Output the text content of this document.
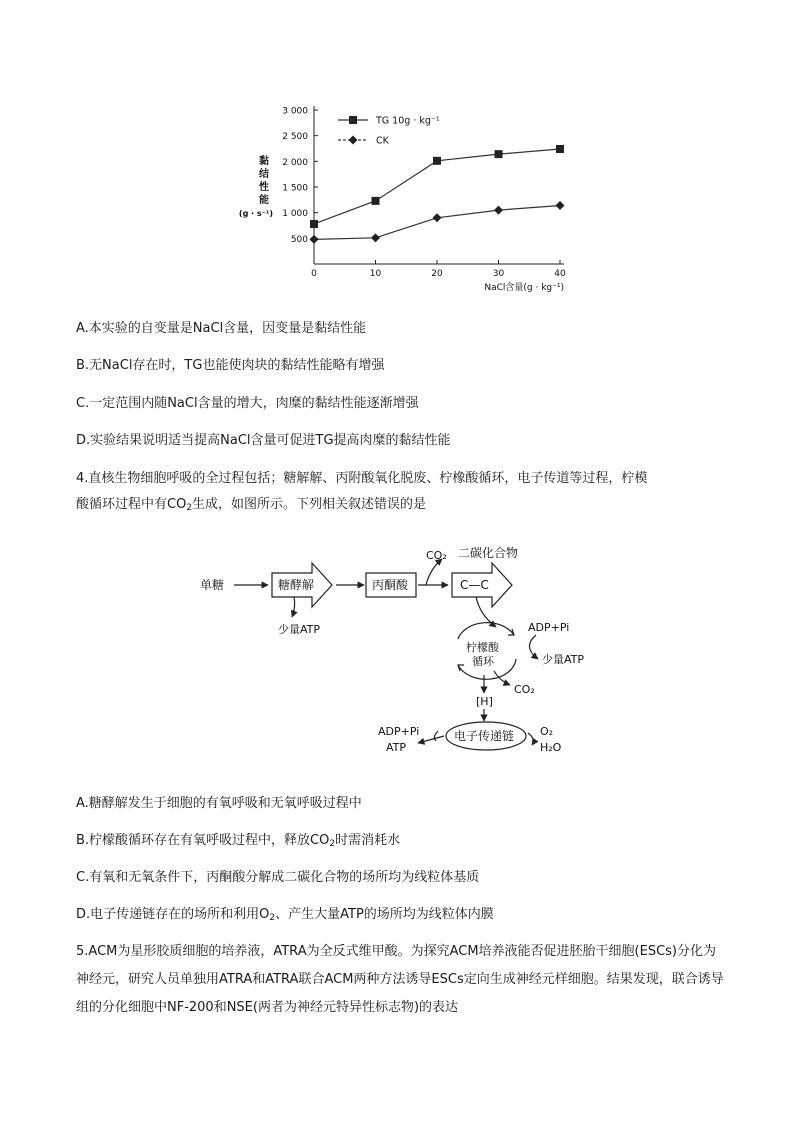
500
1 000
1 500
2 000
2 500
3 000
0	10	20	30	40
黏
结
性
能
(g · s⁻¹)
NaCl含量(g · kg⁻¹)
TG 10g · kg⁻¹
CK
A.本实验的自变量是NaCl含量，因变量是黏结性能
B.无NaCl存在时，TG也能使肉块的黏结性能略有增强
C.一定范围内随NaCl含量的增大，肉糜的黏结性能逐渐增强
D.实验结果说明适当提高NaCl含量可促进TG提高肉糜的黏结性能
4.直核生物细胞呼吸的全过程包括；糖解解、丙附酸氧化脱废、柠橡酸循环，电子传道等过程，柠模
酸循环过程中有$CO_2$生成，如图所示。下列相关叙述错误的是
单糖	糖酵解
少量ATP
丙酮酸
CO₂ 二碳化合物
C—C
柠檬酸
循环
ADP+Pi
少量ATP
[H]
CO₂
电子传递链
ADP+Pi
ATP
O₂
H₂O
A.糖酵解发生于细胞的有氧呼吸和无氧呼吸过程中
B.柠檬酸循环存在有氧呼吸过程中，释放$CO_2$时需消耗水
C.有氧和无氧条件下，丙酮酸分解成二碳化合物的场所均为线粒体基质
D.电子传递链存在的场所和利用$O_2$、产生大量ATP的场所均为线粒体内膜
5.ACM为星形胶质细胞的培养液，ATRA为全反式维甲酸。为探究ACM培养液能否促进胚胎干细胞(ESCs)分化为神经元，研究人员单独用ATRA和ATRA联合ACM两种方法诱导ESCs定向生成神经元样细胞。结果发现，联合诱导组的分化细胞中NF-200和NSE(两者为神经元特异性标志物)的表达
